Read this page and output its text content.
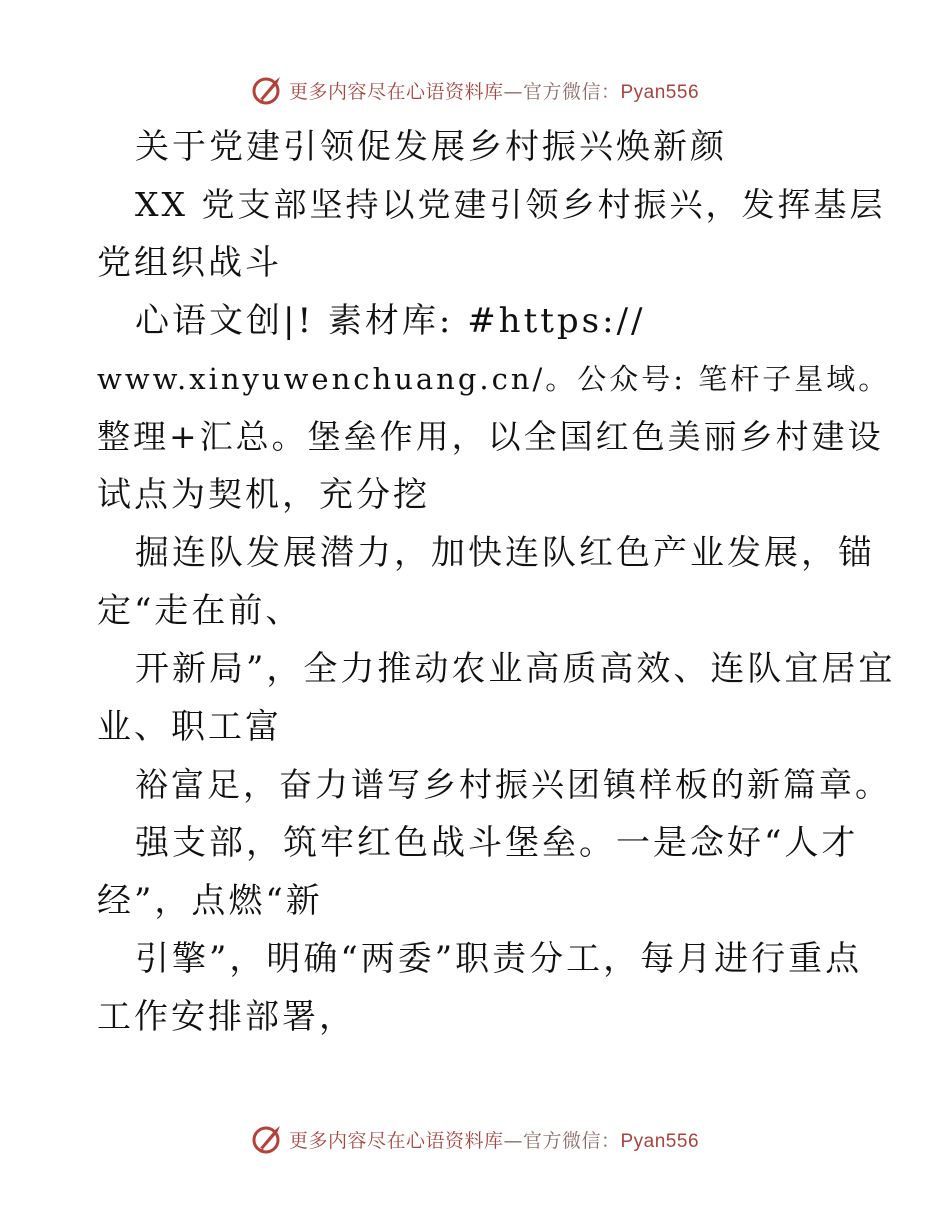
更多内容尽在心语资料库—官方微信：Pyan556
关于党建引领促发展乡村振兴焕新颜
XX 党支部坚持以党建引领乡村振兴，发挥基层
党组织战斗
心语文创|! 素材库: #https://
www.xinyuwenchuang.cn/。公众号: 笔杆子星域。
整理+汇总。堡垒作用，以全国红色美丽乡村建设
试点为契机，充分挖
掘连队发展潜力，加快连队红色产业发展，锚
定“走在前、
开新局”，全力推动农业高质高效、连队宜居宜
业、职工富
裕富足，奋力谱写乡村振兴团镇样板的新篇章。
强支部，筑牢红色战斗堡垒。一是念好“人才
经”，点燃“新
引擎”，明确“两委”职责分工，每月进行重点
工作安排部署，
更多内容尽在心语资料库—官方微信：Pyan556
